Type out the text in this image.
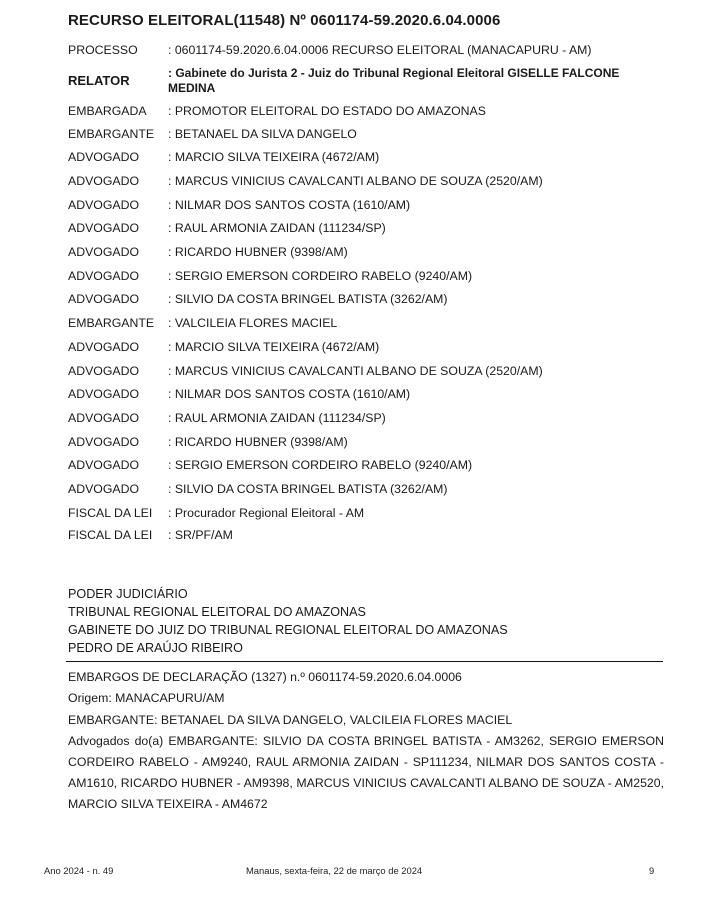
RECURSO ELEITORAL(11548) Nº 0601174-59.2020.6.04.0006
PROCESSO	: 0601174-59.2020.6.04.0006 RECURSO ELEITORAL (MANACAPURU - AM)
RELATOR
: Gabinete do Jurista 2 - Juiz do Tribunal Regional Eleitoral GISELLE FALCONE MEDINA
EMBARGADA	: PROMOTOR ELEITORAL DO ESTADO DO AMAZONAS
EMBARGANTE	: BETANAEL DA SILVA DANGELO
ADVOGADO	: MARCIO SILVA TEIXEIRA (4672/AM)
ADVOGADO	: MARCUS VINICIUS CAVALCANTI ALBANO DE SOUZA (2520/AM)
ADVOGADO	: NILMAR DOS SANTOS COSTA (1610/AM)
ADVOGADO	: RAUL ARMONIA ZAIDAN (111234/SP)
ADVOGADO	: RICARDO HUBNER (9398/AM)
ADVOGADO	: SERGIO EMERSON CORDEIRO RABELO (9240/AM)
ADVOGADO	: SILVIO DA COSTA BRINGEL BATISTA (3262/AM)
EMBARGANTE	: VALCILEIA FLORES MACIEL
ADVOGADO	: MARCIO SILVA TEIXEIRA (4672/AM)
ADVOGADO	: MARCUS VINICIUS CAVALCANTI ALBANO DE SOUZA (2520/AM)
ADVOGADO	: NILMAR DOS SANTOS COSTA (1610/AM)
ADVOGADO	: RAUL ARMONIA ZAIDAN (111234/SP)
ADVOGADO	: RICARDO HUBNER (9398/AM)
ADVOGADO	: SERGIO EMERSON CORDEIRO RABELO (9240/AM)
ADVOGADO	: SILVIO DA COSTA BRINGEL BATISTA (3262/AM)
FISCAL DA LEI	: Procurador Regional Eleitoral - AM
FISCAL DA LEI	: SR/PF/AM
PODER JUDICIÁRIO
TRIBUNAL REGIONAL ELEITORAL DO AMAZONAS
GABINETE DO JUIZ DO TRIBUNAL REGIONAL ELEITORAL DO AMAZONAS
PEDRO DE ARAÚJO RIBEIRO

EMBARGOS DE DECLARAÇÃO (1327) n.º 0601174-59.2020.6.04.0006

Origem: MANACAPURU/AM

EMBARGANTE: BETANAEL DA SILVA DANGELO, VALCILEIA FLORES MACIEL

Advogados do(a) EMBARGANTE: SILVIO DA COSTA BRINGEL BATISTA - AM3262, SERGIO EMERSON CORDEIRO RABELO - AM9240, RAUL ARMONIA ZAIDAN - SP111234, NILMAR DOS SANTOS COSTA - AM1610, RICARDO HUBNER - AM9398, MARCUS VINICIUS CAVALCANTI ALBANO DE SOUZA - AM2520, MARCIO SILVA TEIXEIRA - AM4672

Ano 2024 - n. 49	Manaus, sexta-feira, 22 de março de 2024	9
